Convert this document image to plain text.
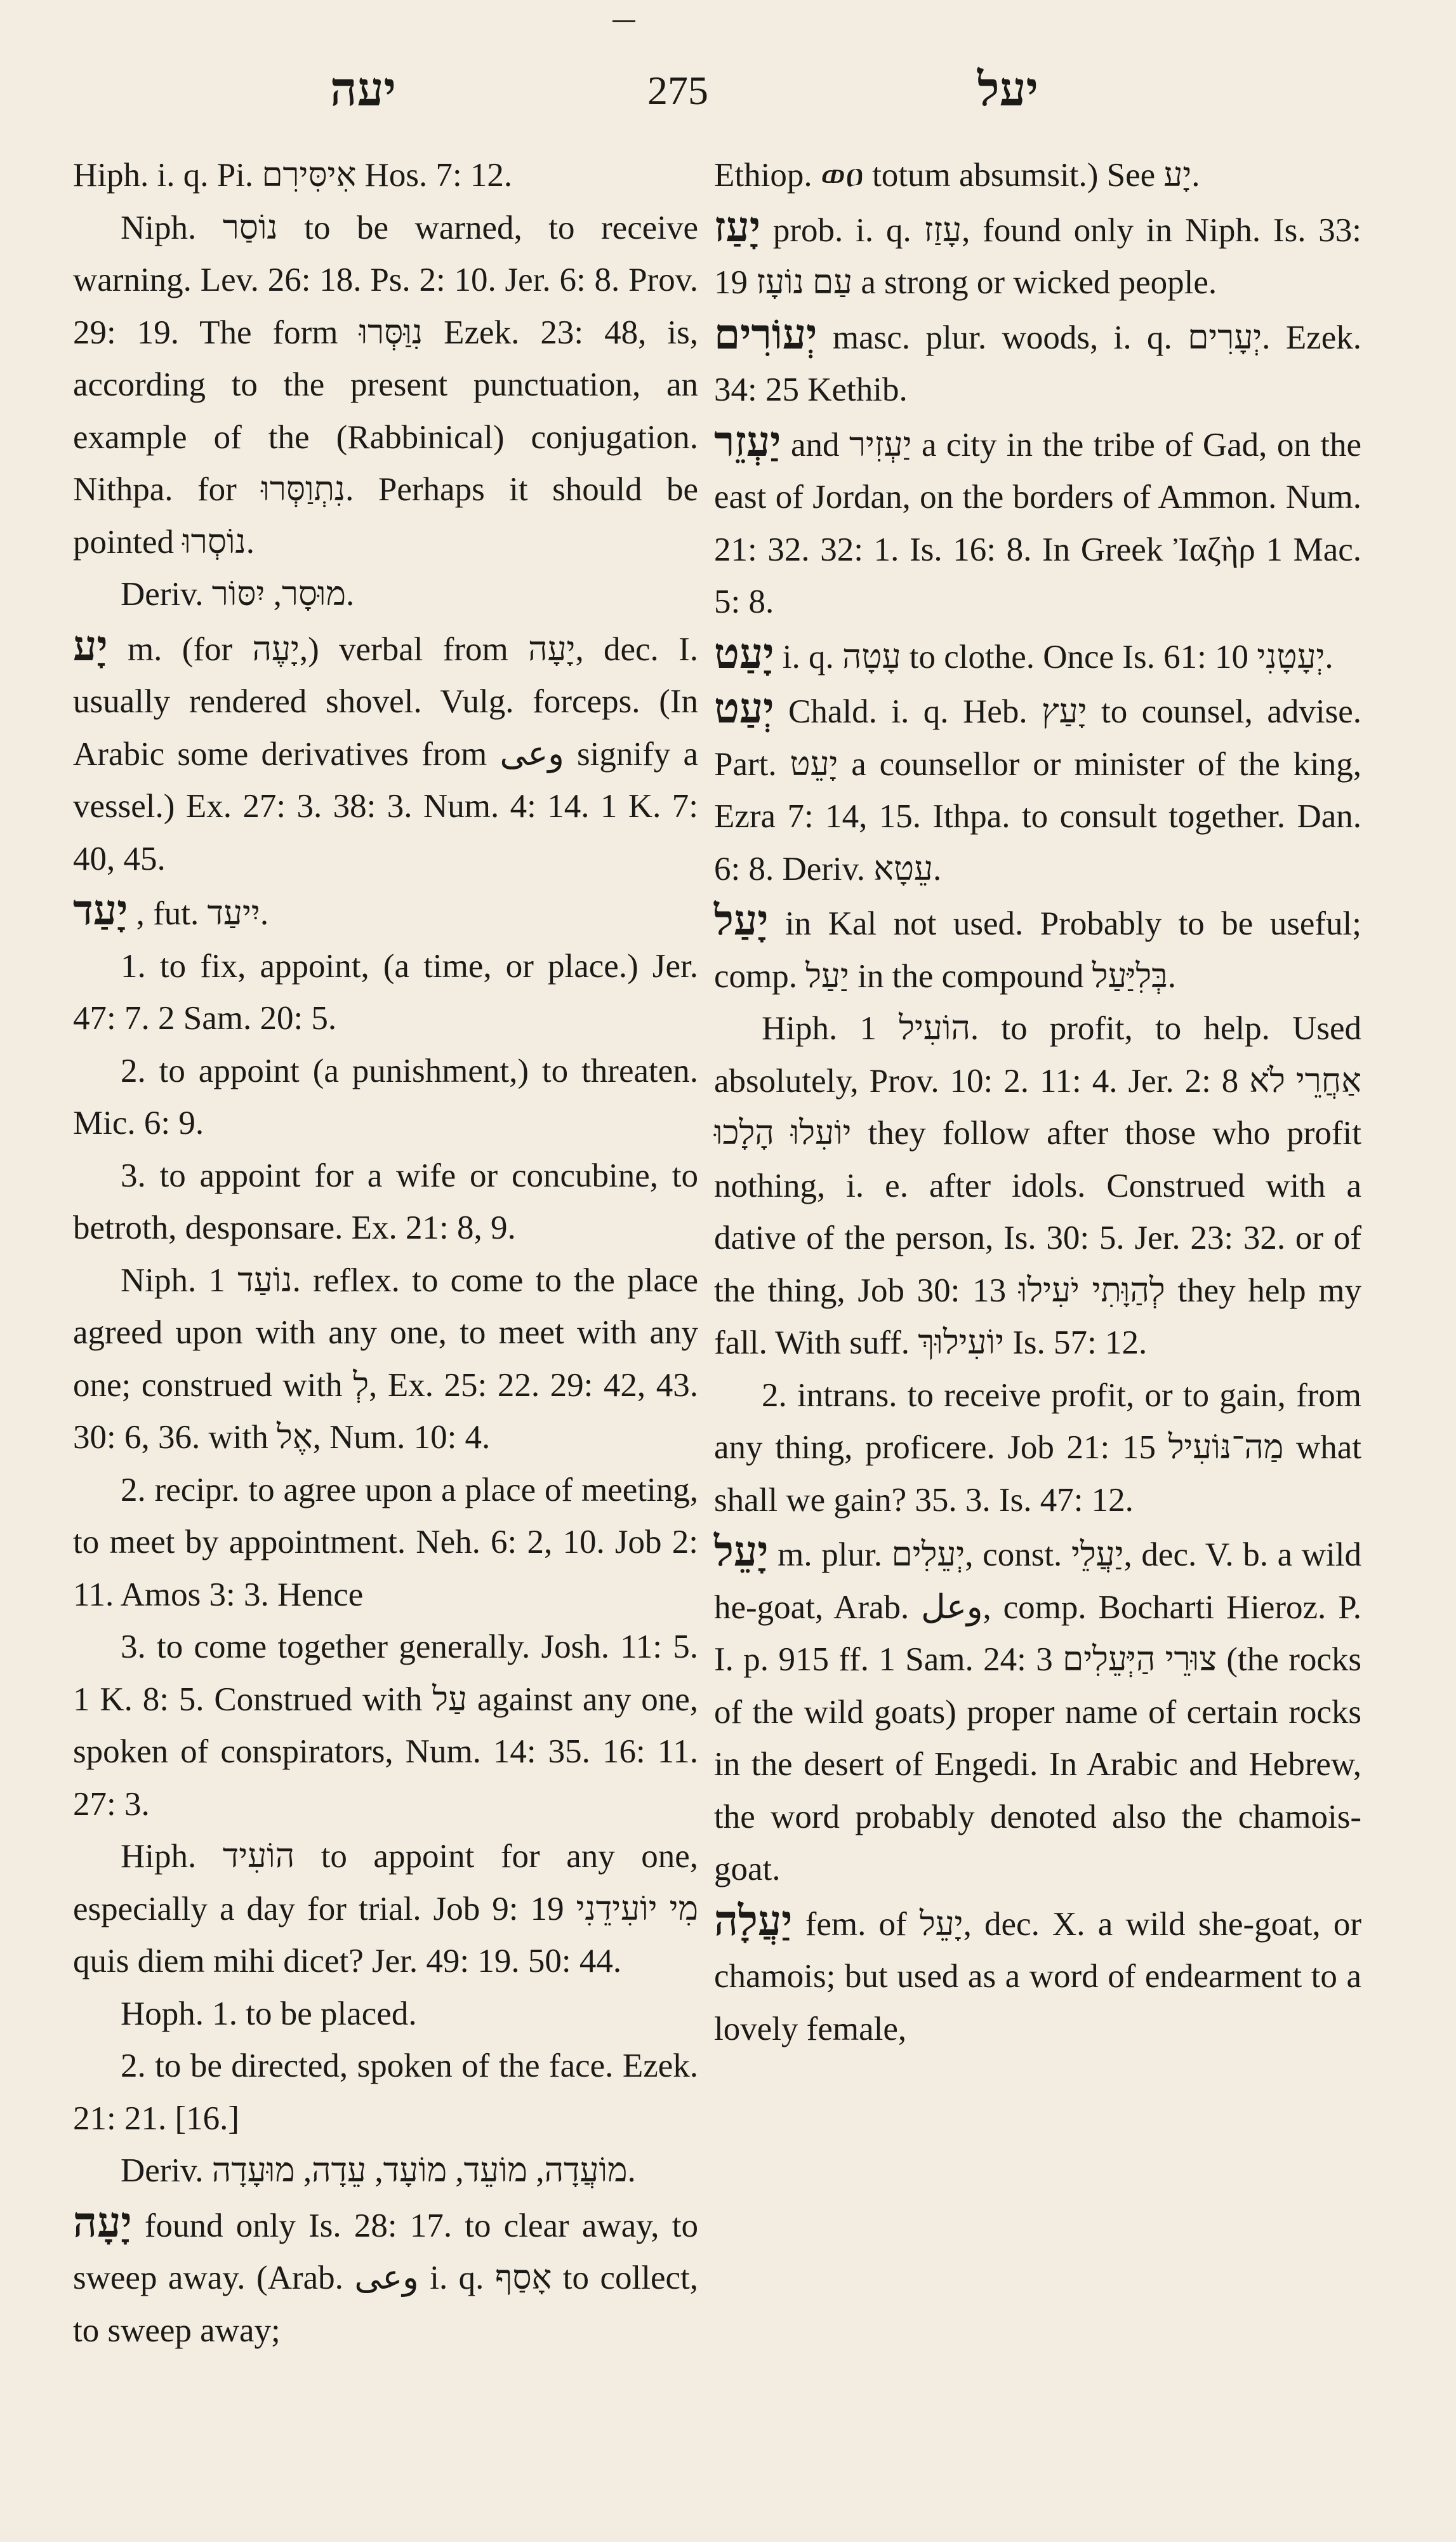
יעה	275	יעל

Hiph. i. q. Pi. אִיסִּירִם Hos. 7: 12.

Niph. נוֹסַר to be warned, to receive warning. Lev. 26: 18. Ps. 2: 10. Jer. 6: 8. Prov. 29: 19. The form נִוַּסְּרוּ Ezek. 23: 48, is, according to the present punctuation, an example of the (Rabbinical) conjugation. Nithpa. for נִתְוַסְּרוּ. Perhaps it should be pointed נוֹסְרוּ.

Deriv. מוּסָר, יִסּוֹר.

יָע m. (for יָעֶה,) verbal from יָעָה, dec. I. usually rendered shovel. Vulg. forceps. (In Arabic some derivatives from وعى signify a vessel.) Ex. 27: 3. 38: 3. Num. 4: 14. 1 K. 7: 40, 45.

יָעַד , fut. יִיעַד.

1. to fix, appoint, (a time, or place.) Jer. 47: 7. 2 Sam. 20: 5.

2. to appoint (a punishment,) to threaten. Mic. 6: 9.

3. to appoint for a wife or concubine, to betroth, desponsare. Ex. 21: 8, 9.

Niph. נוֹעַד 1. reflex. to come to the place agreed upon with any one, to meet with any one; construed with לְ, Ex. 25: 22. 29: 42, 43. 30: 6, 36. with אֶל, Num. 10: 4.

2. recipr. to agree upon a place of meeting, to meet by appointment. Neh. 6: 2, 10. Job 2: 11. Amos 3: 3. Hence

3. to come together generally. Josh. 11: 5. 1 K. 8: 5. Construed with עַל against any one, spoken of conspirators, Num. 14: 35. 16: 11. 27: 3.

Hiph. הוֹעִיד to appoint for any one, especially a day for trial. Job 9: 19 מִי יוֹעִידֵנִי quis diem mihi dicet? Jer. 49: 19. 50: 44.

Hoph. 1. to be placed.

2. to be directed, spoken of the face. Ezek. 21: 21. [16.]

Deriv. מוֹעֲדָה, מוֹעֵד, מוֹעָד, עֵדָה, מוּעָדָה.

יָעָה found only Is. 28: 17. to clear away, to sweep away. (Arab. وعى i. q. אָסַף to collect, to sweep away;

Ethiop. ወዐ totum absumsit.) See יָע.

יָעַז prob. i. q. עָזַז, found only in Niph. Is. 33: 19 עַם נוֹעָז a strong or wicked people.

יְעוֹרִים masc. plur. woods, i. q. יְעָרִים. Ezek. 34: 25 Kethib.

יַעְזֵר and יַעְזִיר a city in the tribe of Gad, on the east of Jordan, on the borders of Ammon. Num. 21: 32. 32: 1. Is. 16: 8. In Greek Ἰαζὴρ 1 Mac. 5: 8.

יָעַט i. q. עָטָה to clothe. Once Is. 61: 10 יְעָטָנִי.

יְעַט Chald. i. q. Heb. יָעַץ to counsel, advise. Part. יָעֵט a counsellor or minister of the king, Ezra 7: 14, 15. Ithpa. to consult together. Dan. 6: 8. Deriv. עֵטָא.

יָעַל in Kal not used. Probably to be useful; comp. יַעַל in the compound בְּלִיַּעַל.

Hiph. הוֹעִיל 1. to profit, to help. Used absolutely, Prov. 10: 2. 11: 4. Jer. 2: 8 אַחֲרֵי לֹא יוֹעִלוּ הָלָכוּ they follow after those who profit nothing, i. e. after idols. Construed with a dative of the person, Is. 30: 5. Jer. 23: 32. or of the thing, Job 30: 13 לְהַוָּתִי יֹעִילוּ they help my fall. With suff. יוֹעִילוּךְ Is. 57: 12.

2. intrans. to receive profit, or to gain, from any thing, proficere. Job 21: 15 מַה־נּוֹעִיל what shall we gain? 35. 3. Is. 47: 12.

יָעֵל m. plur. יְעֵלִים, const. יַעֲלֵי, dec. V. b. a wild he-goat, Arab. وعل, comp. Bocharti Hieroz. P. I. p. 915 ff. 1 Sam. 24: 3 צוּרֵי הַיְּעֵלִים (the rocks of the wild goats) proper name of certain rocks in the desert of Engedi. In Arabic and Hebrew, the word probably denoted also the chamois-goat.

יַעֲלָה fem. of יָעֵל, dec. X. a wild she-goat, or chamois; but used as a word of endearment to a lovely female,
